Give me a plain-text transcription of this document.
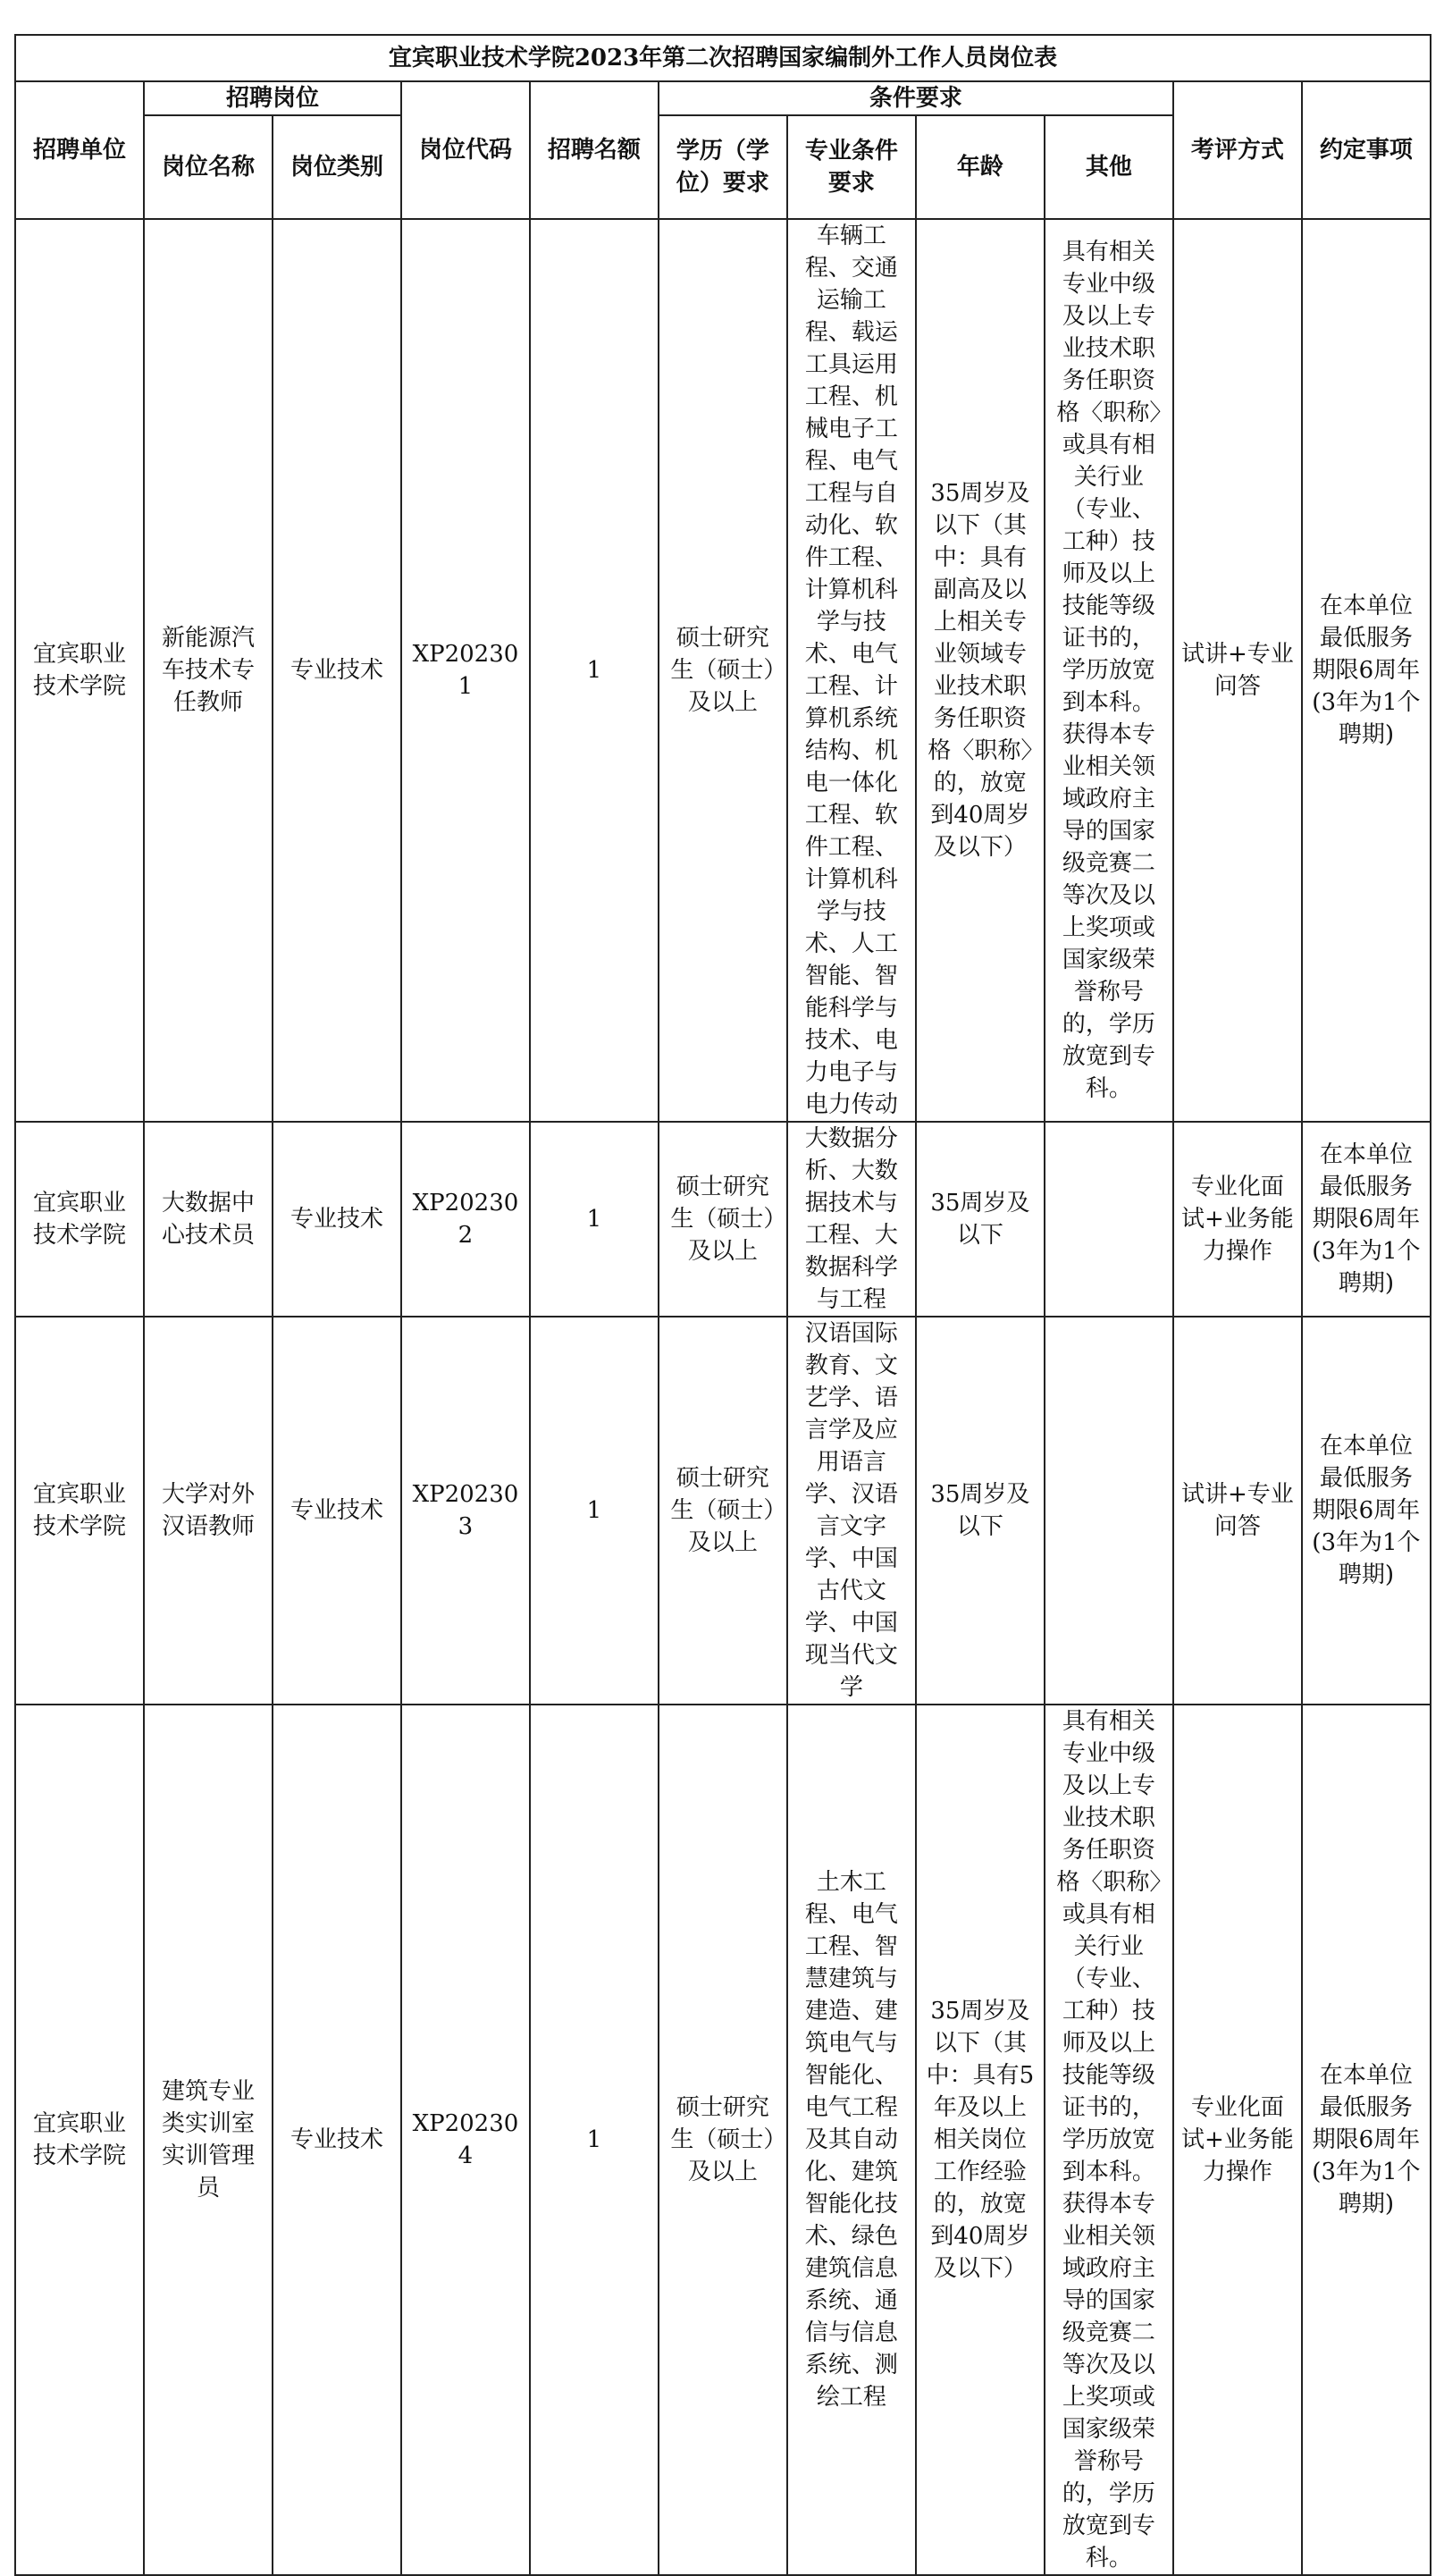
宜宾职业技术学院2023年第二次招聘国家编制外工作人员岗位表										
招聘单位	招聘岗位		岗位代码	招聘名额	条件要求				考评方式	约定事项
	岗位名称	岗位类别			学历（学位）要求	专业条件要求	年龄	其他		

宜宾职业技术学院	新能源汽车技术专任教师	专业技术	XP202301	1	硕士研究生（硕士）及以上	车辆工程、交通运输工程、载运工具运用工程、机械电子工程、电气工程与自动化、软件工程、计算机科学与技术、电气工程、计算机系统结构、机电一体化工程、软件工程、计算机科学与技术、人工智能、智能科学与技术、电力电子与电力传动	35周岁及以下（其中：具有副高及以上相关专业领域专业技术职务任职资格〈职称〉的，放宽到40周岁及以下）	具有相关专业中级及以上专业技术职务任职资格〈职称〉或具有相关行业（专业、工种）技师及以上技能等级证书的，学历放宽到本科。获得本专业相关领域政府主导的国家级竞赛二等次及以上奖项或国家级荣誉称号的，学历放宽到专科。	试讲+专业问答	在本单位最低服务期限6周年(3年为1个聘期)
宜宾职业技术学院	大数据中心技术员	专业技术	XP202302	1	硕士研究生（硕士）及以上	大数据分析、大数据技术与工程、大数据科学与工程	35周岁及以下		专业化面试+业务能力操作	在本单位最低服务期限6周年(3年为1个聘期)
宜宾职业技术学院	大学对外汉语教师	专业技术	XP202303	1	硕士研究生（硕士）及以上	汉语国际教育、文艺学、语言学及应用语言学、汉语言文字学、中国古代文学、中国现当代文学	35周岁及以下		试讲+专业问答	在本单位最低服务期限6周年(3年为1个聘期)
宜宾职业技术学院	建筑专业类实训室实训管理员	专业技术	XP202304	1	硕士研究生（硕士）及以上	土木工程、电气工程、智慧建筑与建造、建筑电气与智能化、电气工程及其自动化、建筑智能化技术、绿色建筑信息系统、通信与信息系统、测绘工程	35周岁及以下（其中：具有5年及以上相关岗位工作经验的，放宽到40周岁及以下）	具有相关专业中级及以上专业技术职务任职资格〈职称〉或具有相关行业（专业、工种）技师及以上技能等级证书的，学历放宽到本科。获得本专业相关领域政府主导的国家级竞赛二等次及以上奖项或国家级荣誉称号的，学历放宽到专科。	专业化面试+业务能力操作	在本单位最低服务期限6周年(3年为1个聘期)
